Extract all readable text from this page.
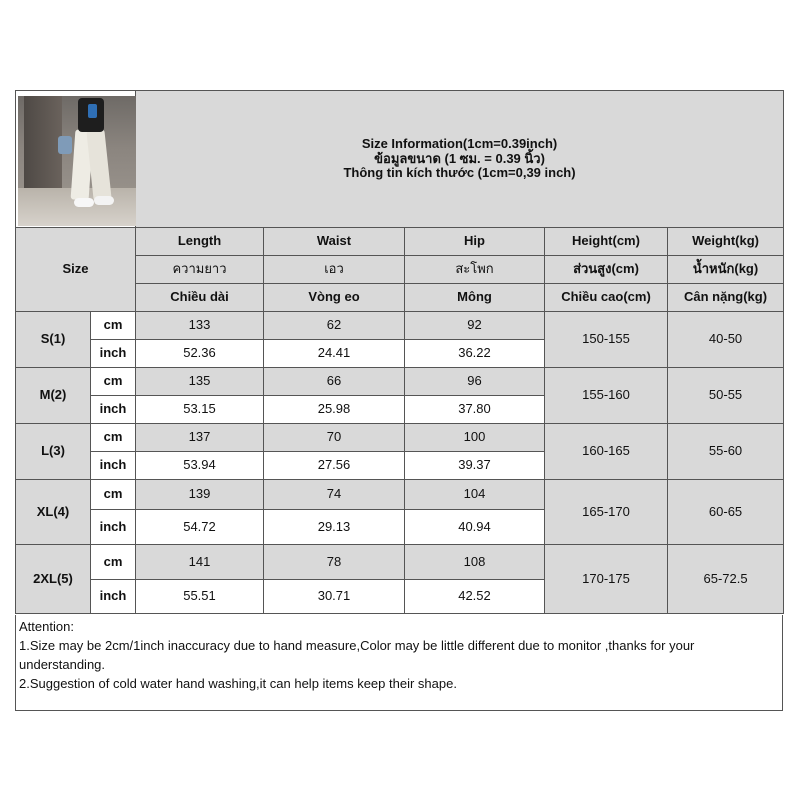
		Size Information(1cm=0.39inch)
ข้อมูลขนาด (1 ซม. = 0.39 นิ้ว)
Thông tin kích thước (1cm=0,39 inch)				

Size		Length	Waist	Hip	Height(cm)	Weight(kg)
		ความยาว	เอว	สะโพก	ส่วนสูง(cm)	น้ำหนัก(kg)
		Chiều dài	Vòng eo	Mông	Chiều cao(cm)	Cân nặng(kg)
S(1)	cm	133	62	92	150-155	40-50
	inch	52.36	24.41	36.22		
M(2)	cm	135	66	96	155-160	50-55
	inch	53.15	25.98	37.80		
L(3)	cm	137	70	100	160-165	55-60
	inch	53.94	27.56	39.37		
XL(4)	cm	139	74	104	165-170	60-65
	inch	54.72	29.13	40.94		
2XL(5)	cm	141	78	108	170-175	65-72.5
	inch	55.51	30.71	42.52		
Attention:
1.Size may be 2cm/1inch inaccuracy due to hand measure,Color may be little different due to monitor ,thanks for your understanding.
2.Suggestion of cold water hand washing,it can help items keep their shape.
